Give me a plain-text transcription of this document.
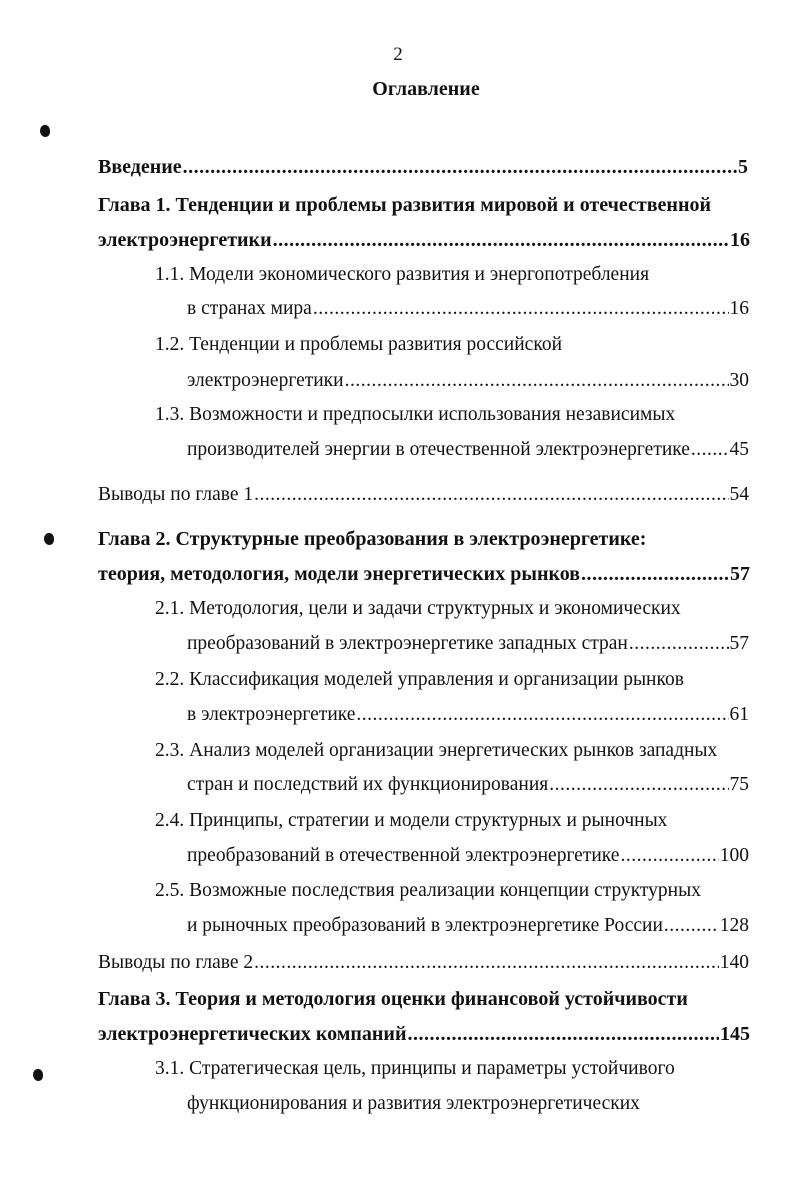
2
Оглавление
Введение .....	5
Глава 1. Тенденции и проблемы развития мировой и отечественной
электроэнергетики .....	16
1.1. Модели экономического развития и энергопотребления
в странах мира .....	16
1.2. Тенденции и проблемы развития российской
электроэнергетики .....	30
1.3. Возможности и предпосылки использования независимых
производителей энергии в отечественной электроэнергетике ..... 45
Выводы по главе 1 .....	54
Глава 2. Структурные преобразования в электроэнергетике:
теория, методология, модели энергетических рынков .....	57
2.1. Методология, цели и задачи структурных и экономических
преобразований в электроэнергетике западных стран .....	57
2.2. Классификация моделей управления и организации рынков
в электроэнергетике .....	61
2.3. Анализ моделей организации энергетических рынков западных
стран и последствий их функционирования .....	75
2.4. Принципы, стратегии и модели структурных и рыночных
преобразований в отечественной электроэнергетике .....	100
2.5. Возможные последствия реализации концепции структурных
и рыночных преобразований в электроэнергетике России .....	128
Выводы по главе 2 .....	140
Глава 3. Теория и методология оценки финансовой устойчивости
электроэнергетических компаний .....	145
3.1. Стратегическая цель, принципы и параметры устойчивого
функционирования и развития электроэнергетических
